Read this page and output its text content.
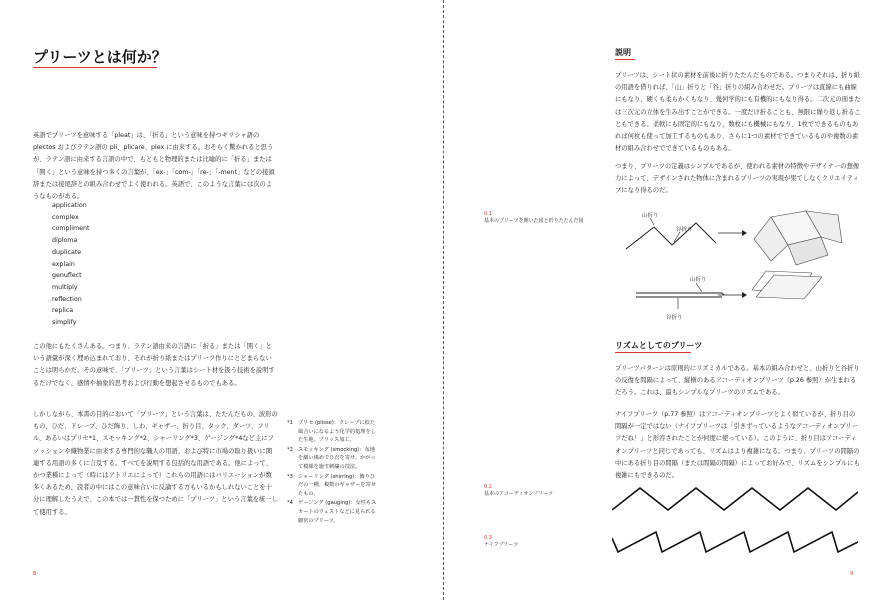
プリーツとは何か？

英語でプリーツを意味する「pleat」は、「折る」という意味を持つギリシャ語の plectos およびラテン語の pli、plicare、plex に由来する。おそらく驚かれると思うが、ラテン語に由来する言語の中で、もともと物理的または比喩的に「折る」または「開く」という意味を持つ多くの言葉が、「ex-」「com-」「re-」「-ment」などの接頭辞または接尾辞との組み合わせでよく使われる。英語で、このような言葉には次のようなものがある。

application
complex
compliment
diploma
duplicate
explain
genuflect
multiply
reflection
replica
simplify

この他にもたくさんある。つまり、ラテン語由来の言語に「折る」または「開く」という語彙が深く埋め込まれており、それが折り紙またはプリーツ作りにとどまらないことは明らかだ。その意味で、「プリーツ」という言葉はシート材を扱う技術を説明するだけでなく、感情や抽象的思考および行動を想起させるものでもある。

しかしながら、本書の目的において「プリーツ」という言葉は、たたんだもの、波形のもの、ひだ、ドレープ、ひだ飾り、しわ、ギャザー、折り目、タック、ダーツ、フリル、あるいはプリセ*1、スモッキング*2、シャーリング*3、ゲージング*4など主にファッションや織物業に由来する専門的な職人の用語、および特に市場の取り扱いに関連する用語の多くに言及する。すべてを説明する包括的な用語である。他によって、かつ業種によって（時にはアトリエによって）これらの用語にはバリエーションが数多くあるため、読者の中にはこの意味合いに反論する方もいるかもしれないことを十分に理解したうえで、この本では一貫性を保つために「プリーツ」という言葉を統一して使用する。

*1 プリセ (plisse)：クレープに似た風合いになるよう化学的処理をした生地。プリッス加工。
*2 スモッキング (smocking)：布地を細い線めでひだを寄せ、かがって模様を施す刺繍の技法。
*3 シャーリング (shirring)：飾りひだの一種。複数のギャザーを寄せたもの。
*4 ゲージング (gauging)：女性もスカートのウェストなどに見られる細密のプリーツ。
8
説明

プリーツは、シート状の素材を前後に折りたたんだものである。つまりそれは、折り紙の用語を借りれば、「山」折りと「谷」折りの組み合わせだ。プリーツは直線にも曲線にもなり、硬くも柔らかくもなり、幾何学的にも有機的にもなり得る。二次元の面または三次元の立体を生み出すことができる。一度だけ折ることも、無限に繰り返し折ることもできる。柔軟にも固定的にもなり、数枚にも機械にもなり、1枚でできるものもあれば何枚も使って加工するものもあり、さらに1つの素材でできているものや複数の素材の組み合わせでできているものもある。

つまり、プリーツの定義はシンプルであるが、使われる素材の特徴やデザイナーの想像力によって、デザインされた物体に含まれるプリーツの実現が果てしなくクリエイティブになり得るのだ。

0.1
基本のプリーツを開いた図と折りたたんだ図
山折り
谷折り
山折り
谷折り
リズムとしてのプリーツ

プリーツパターンは原則的にリズミカルである。基本の組み合わせと、山折りと谷折りの反復を間隔によって、縦横のあるアコーディオンプリーツ（p.26 参照）が生まれるだろう。これは、最もシンプルなプリーツのリズムである。

ナイフプリーツ（p.77 参照）はアコーディオンプリーツとよく似ているが、折り目の間隔が一定ではない（ナイフプリーツは「引きずっているようなアコーディオンプリーツだね！」と形容されたことが何度に使っている）。このように、折り目はアコーディオンプリーツと同じであっても、リズムはより複雑になる。つまり、プリーツの間隔の中にある折り目の間隔（または間隔の間隔）によってお好みで、リズムをシンプルにも複雑にもできるのだ。

0.2
基本のアコーディオンプリーツ
0.3
ナイフプリーツ
9
